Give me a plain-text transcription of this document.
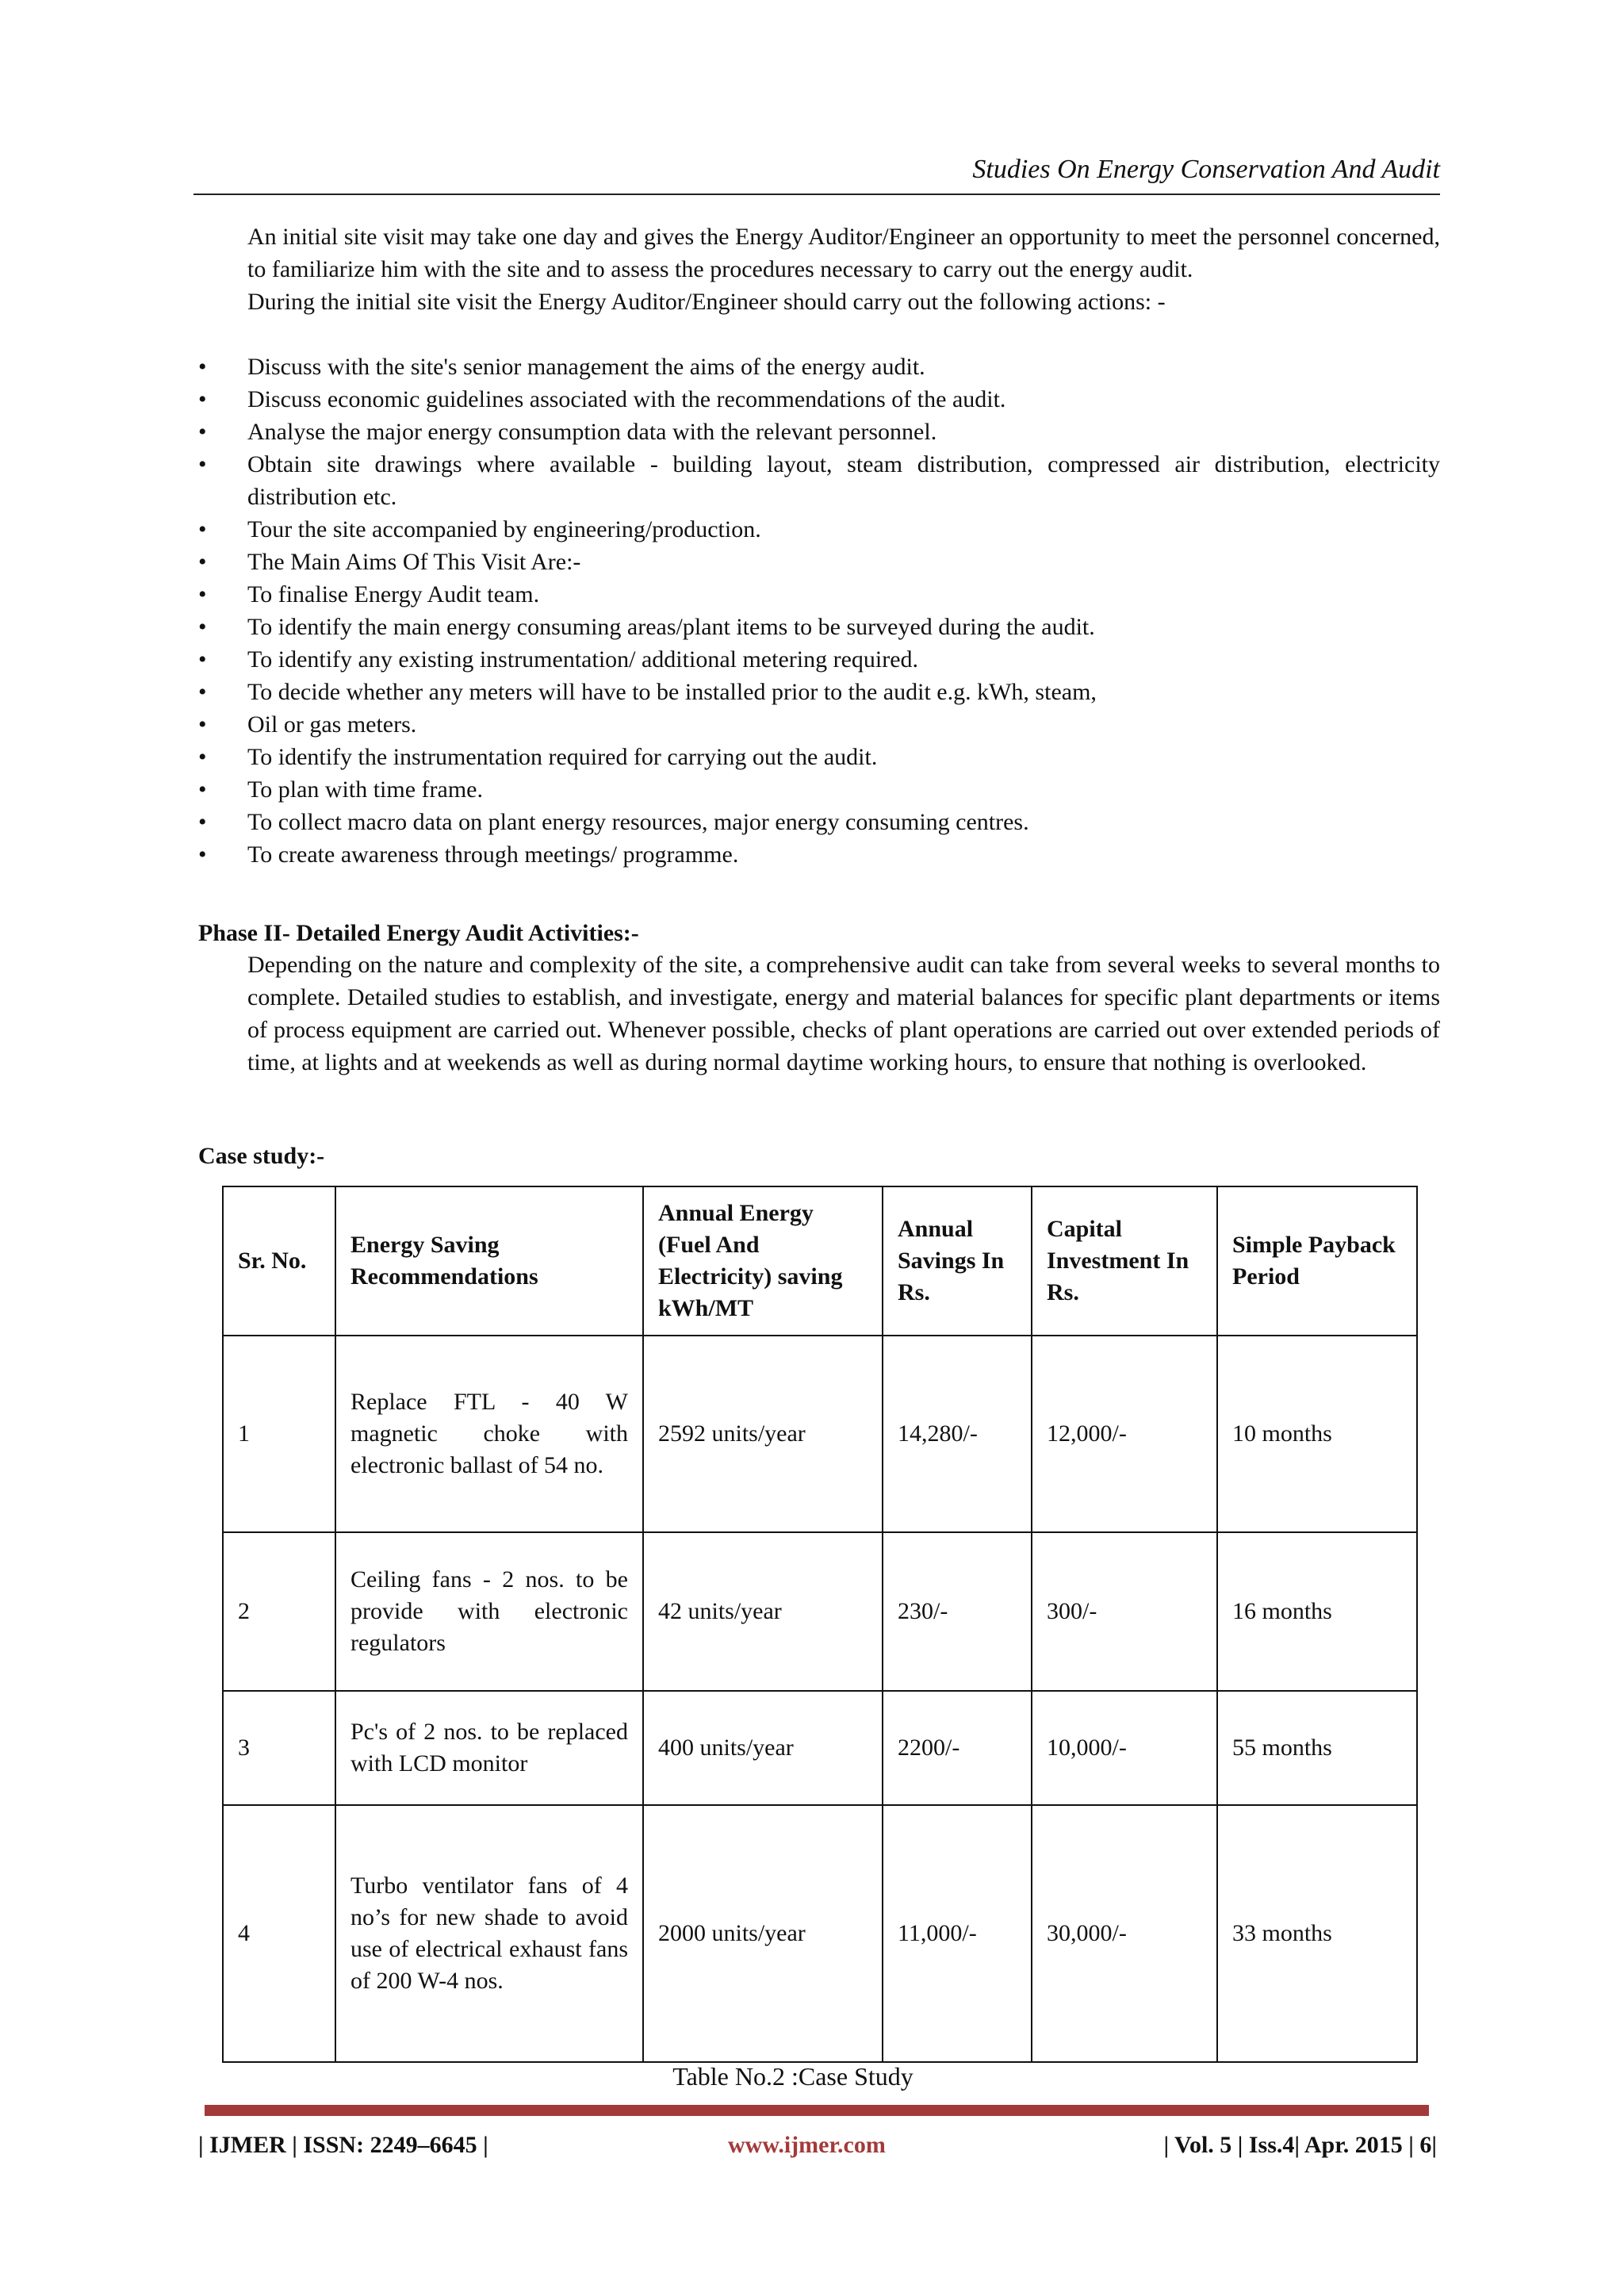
Studies On Energy Conservation And Audit

An initial site visit may take one day and gives the Energy Auditor/Engineer an opportunity to meet the personnel concerned, to familiarize him with the site and to assess the procedures necessary to carry out the energy audit.

During the initial site visit the Energy Auditor/Engineer should carry out the following actions: -

• Discuss with the site's senior management the aims of the energy audit.
• Discuss economic guidelines associated with the recommendations of the audit.
• Analyse the major energy consumption data with the relevant personnel.
• Obtain site drawings where available - building layout, steam distribution, compressed air distribution, electricity distribution etc.
• Tour the site accompanied by engineering/production.
• The Main Aims Of This Visit Are:-
• To finalise Energy Audit team.
• To identify the main energy consuming areas/plant items to be surveyed during the audit.
• To identify any existing instrumentation/ additional metering required.
• To decide whether any meters will have to be installed prior to the audit e.g. kWh, steam,
• Oil or gas meters.
• To identify the instrumentation required for carrying out the audit.
• To plan with time frame.
• To collect macro data on plant energy resources, major energy consuming centres.
• To create awareness through meetings/ programme.
Phase II- Detailed Energy Audit Activities:-

Depending on the nature and complexity of the site, a comprehensive audit can take from several weeks to several months to complete. Detailed studies to establish, and investigate, energy and material balances for specific plant departments or items of process equipment are carried out. Whenever possible, checks of plant operations are carried out over extended periods of time, at lights and at weekends as well as during normal daytime working hours, to ensure that nothing is overlooked.

Case study:-
Sr. No.	Energy Saving Recommendations	Annual Energy (Fuel And Electricity) saving kWh/MT	Annual Savings In Rs.	Capital Investment In Rs.	Simple Payback Period
1	Replace FTL - 40 W magnetic choke with electronic ballast of 54 no.	2592 units/year	14,280/-	12,000/-	10 months
2	Ceiling fans - 2 nos. to be provide with electronic regulators	42 units/year	230/-	300/-	16 months
3	Pc's of 2 nos. to be replaced with LCD monitor	400 units/year	2200/-	10,000/-	55 months
4	Turbo ventilator fans of 4 no’s for new shade to avoid use of electrical exhaust fans of 200 W-4 nos.	2000 units/year	11,000/-	30,000/-	33 months
Table No.2 :Case Study
| IJMER | ISSN: 2249–6645 |	www.ijmer.com	| Vol. 5 | Iss.4| Apr. 2015 | 6|
